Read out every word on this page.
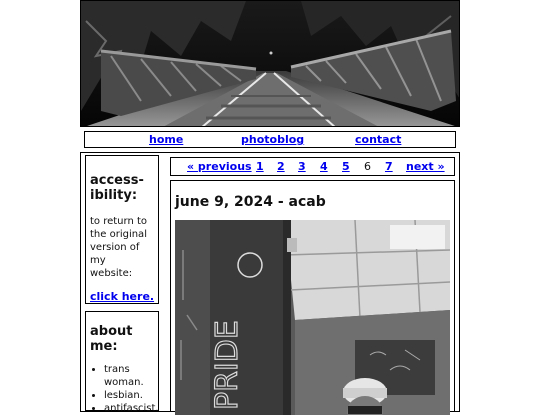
home	photoblog	contact
access-
ibility:
to return to
the original
version of my
website:
click here.
about me:
• trans
woman.
• lesbian.
• antifascist.
« previous 1 2 3 4 5 6 7 next »
june 9, 2024 - acab
PRIDE
